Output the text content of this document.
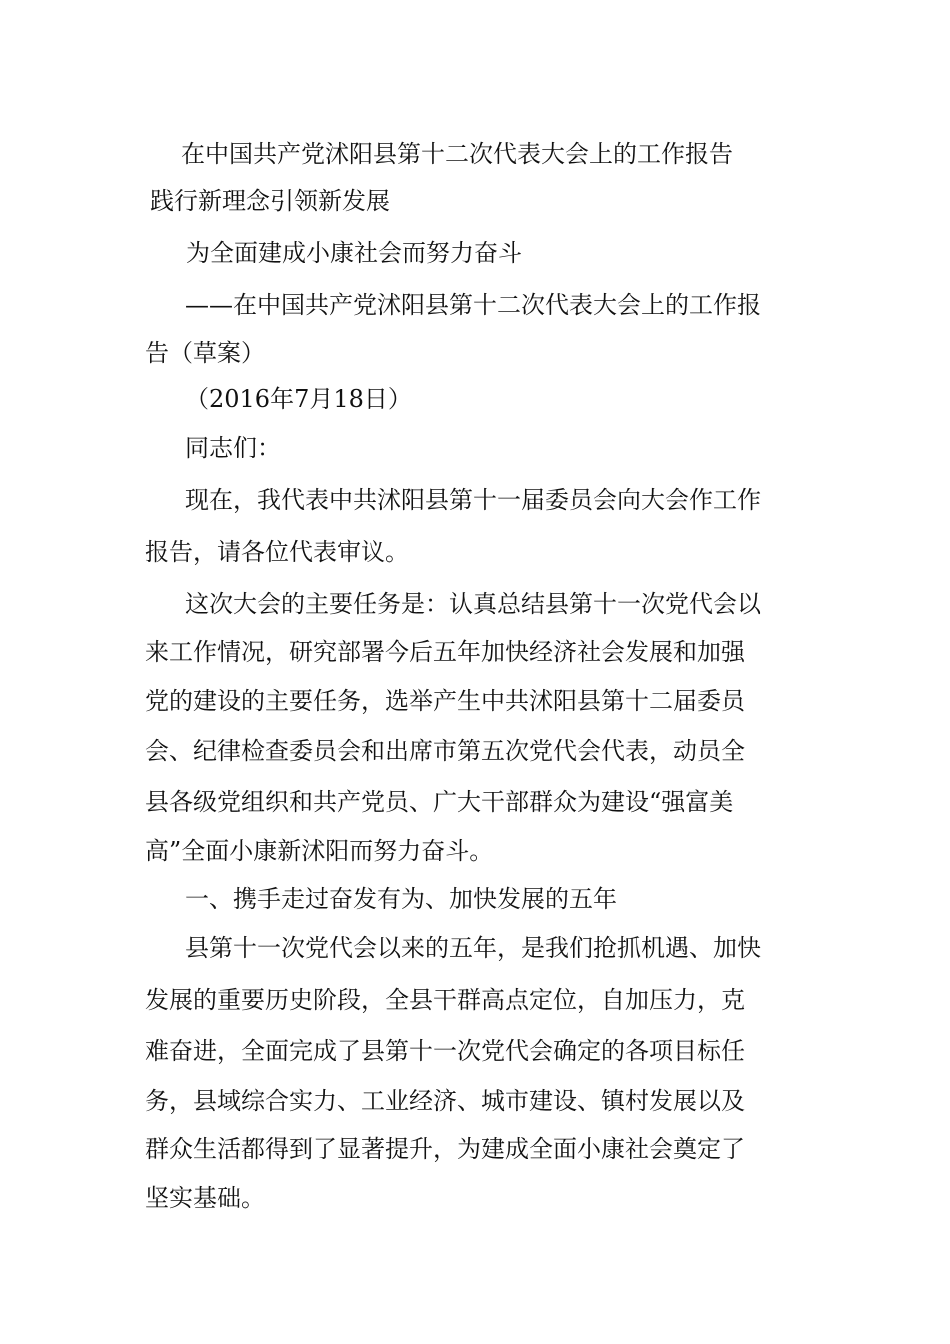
在中国共产党沭阳县第十二次代表大会上的工作报告
践行新理念引领新发展
为全面建成小康社会而努力奋斗
——在中国共产党沭阳县第十二次代表大会上的工作报
告（草案）
（2016年7月18日）
同志们：
现在，我代表中共沭阳县第十一届委员会向大会作工作
报告，请各位代表审议。
这次大会的主要任务是：认真总结县第十一次党代会以
来工作情况，研究部署今后五年加快经济社会发展和加强
党的建设的主要任务，选举产生中共沭阳县第十二届委员
会、纪律检查委员会和出席市第五次党代会代表，动员全
县各级党组织和共产党员、广大干部群众为建设“强富美
高”全面小康新沭阳而努力奋斗。
一、携手走过奋发有为、加快发展的五年
县第十一次党代会以来的五年，是我们抢抓机遇、加快
发展的重要历史阶段，全县干群高点定位，自加压力，克
难奋进，全面完成了县第十一次党代会确定的各项目标任
务，县域综合实力、工业经济、城市建设、镇村发展以及
群众生活都得到了显著提升，为建成全面小康社会奠定了
坚实基础。
